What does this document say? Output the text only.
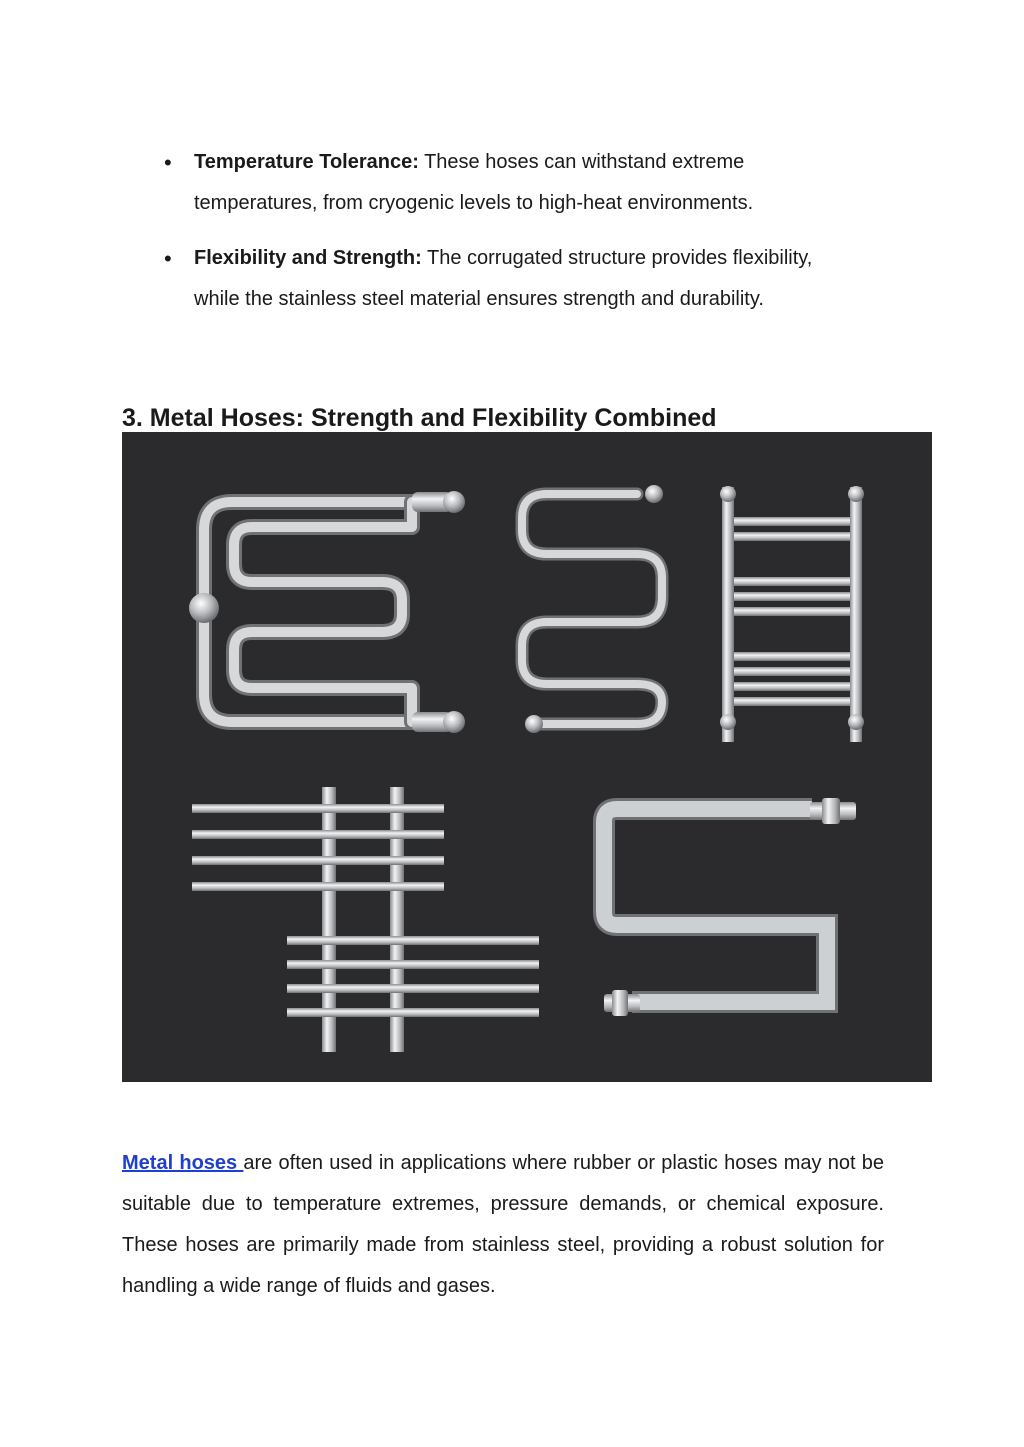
• Temperature Tolerance: These hoses can withstand extreme temperatures, from cryogenic levels to high-heat environments.
• Flexibility and Strength: The corrugated structure provides flexibility, while the stainless steel material ensures strength and durability.
3. Metal Hoses: Strength and Flexibility Combined

Metal hoses are often used in applications where rubber or plastic hoses may not be suitable due to temperature extremes, pressure demands, or chemical exposure. These hoses are primarily made from stainless steel, providing a robust solution for handling a wide range of fluids and gases.
